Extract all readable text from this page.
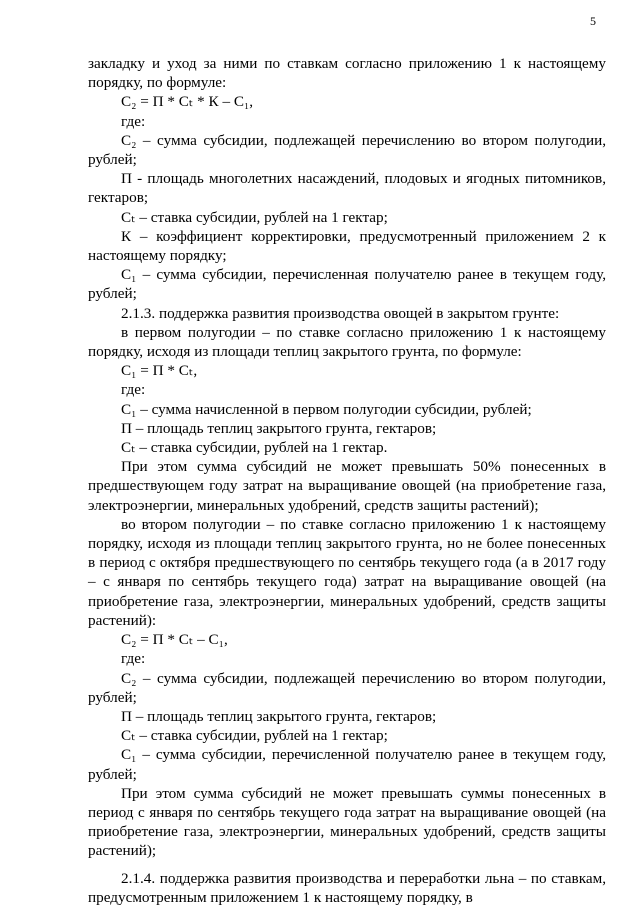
5

закладку и уход за ними по ставкам согласно приложению 1 к настоящему порядку, по формуле:

С₂ = П * Сₜ * К – С₁,

где:

С₂ – сумма субсидии, подлежащей перечислению во втором полугодии, рублей;

П - площадь многолетних насаждений, плодовых и ягодных питомников, гектаров;

Сₜ – ставка субсидии, рублей на 1 гектар;

К – коэффициент корректировки, предусмотренный приложением 2 к настоящему порядку;

С₁ – сумма субсидии, перечисленная получателю ранее в текущем году, рублей;

2.1.3. поддержка развития производства овощей в закрытом грунте:

в первом полугодии – по ставке согласно приложению 1 к настоящему порядку, исходя из площади теплиц закрытого грунта, по формуле:

С₁ = П * Сₜ,

где:

С₁ – сумма начисленной в первом полугодии субсидии, рублей;

П – площадь теплиц закрытого грунта, гектаров;

Сₜ – ставка субсидии, рублей на 1 гектар.

При этом сумма субсидий не может превышать 50% понесенных в предшествующем году затрат на выращивание овощей (на приобретение газа, электроэнергии, минеральных удобрений, средств защиты растений);

во втором полугодии – по ставке согласно приложению 1 к настоящему порядку, исходя из площади теплиц закрытого грунта, но не более понесенных в период с октября предшествующего по сентябрь текущего года (а в 2017 году – с января по сентябрь текущего года) затрат на выращивание овощей (на приобретение газа, электроэнергии, минеральных удобрений, средств защиты растений):

С₂ = П * Сₜ – С₁,

где:

С₂ – сумма субсидии, подлежащей перечислению во втором полугодии, рублей;

П – площадь теплиц закрытого грунта, гектаров;

Сₜ – ставка субсидии, рублей на 1 гектар;

С₁ – сумма субсидии, перечисленной получателю ранее в текущем году, рублей;

При этом сумма субсидий не может превышать суммы понесенных в период с января по сентябрь текущего года затрат на выращивание овощей (на приобретение газа, электроэнергии, минеральных удобрений, средств защиты растений);

2.1.4. поддержка развития производства и переработки льна – по ставкам, предусмотренным приложением 1 к настоящему порядку, в
